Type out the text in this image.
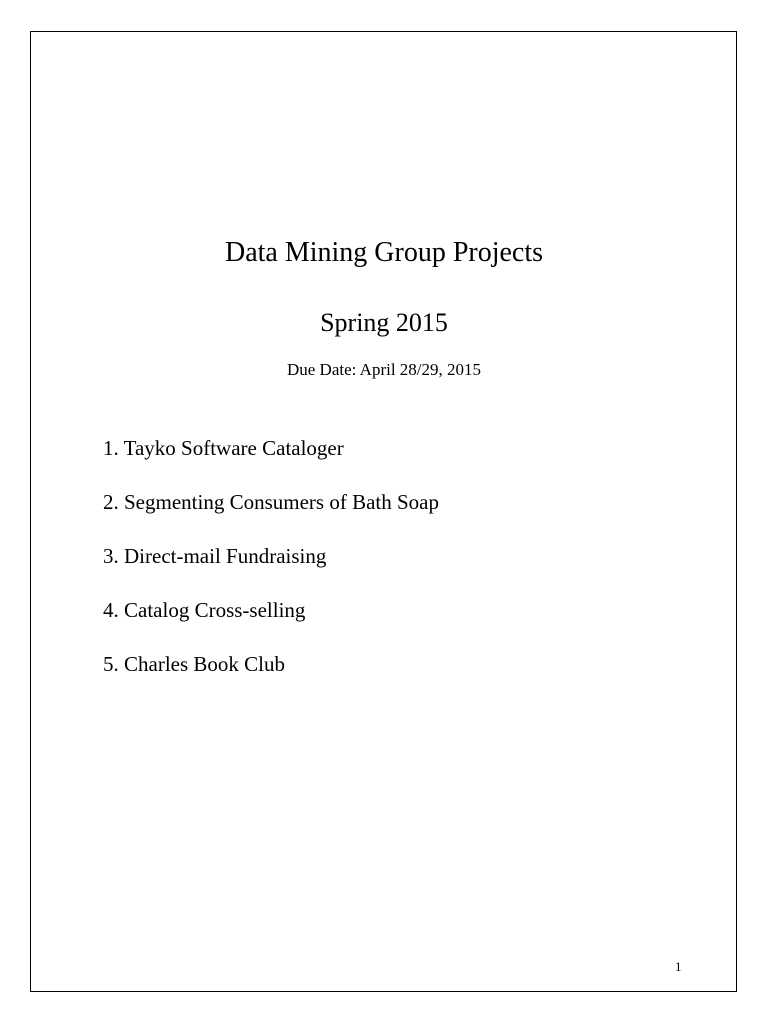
Data Mining Group Projects
Spring 2015
Due Date: April 28/29, 2015
1. Tayko Software Cataloger
2. Segmenting Consumers of Bath Soap
3. Direct-mail Fundraising
4. Catalog Cross-selling
5. Charles Book Club
1
